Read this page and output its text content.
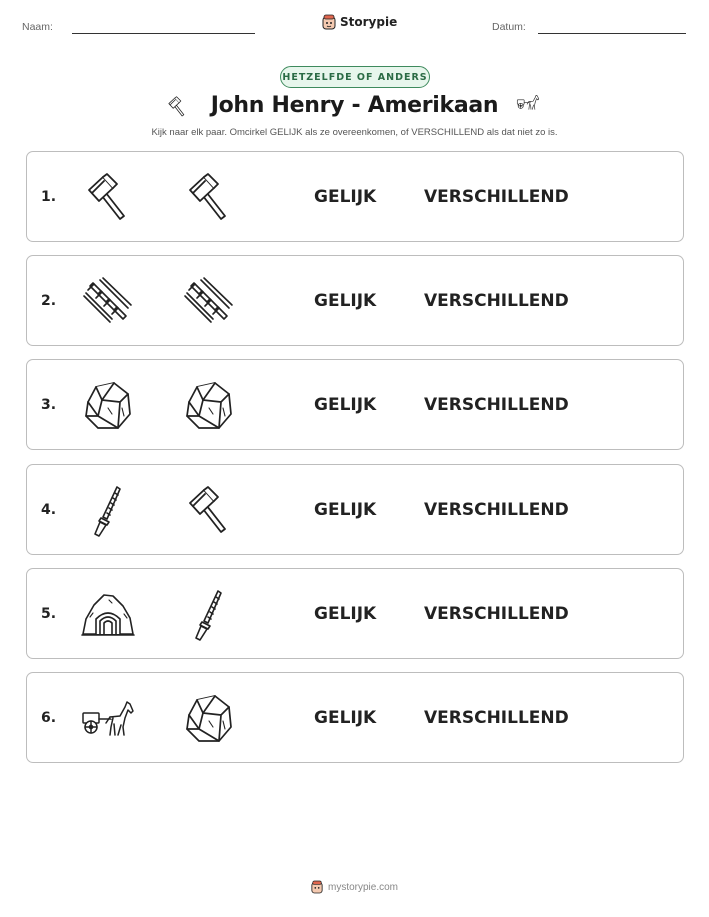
Naam:	Storypie	Datum:
HETZELFDE OF ANDERS
John Henry - Amerikaan
Kijk naar elk paar. Omcirkel GELIJK als ze overeenkomen, of VERSCHILLEND als dat niet zo is.
1.	GELIJK	VERSCHILLEND
2.	GELIJK	VERSCHILLEND
3.	GELIJK	VERSCHILLEND
4.	GELIJK	VERSCHILLEND
5.	GELIJK	VERSCHILLEND
6.	GELIJK	VERSCHILLEND
mystorypie.com
